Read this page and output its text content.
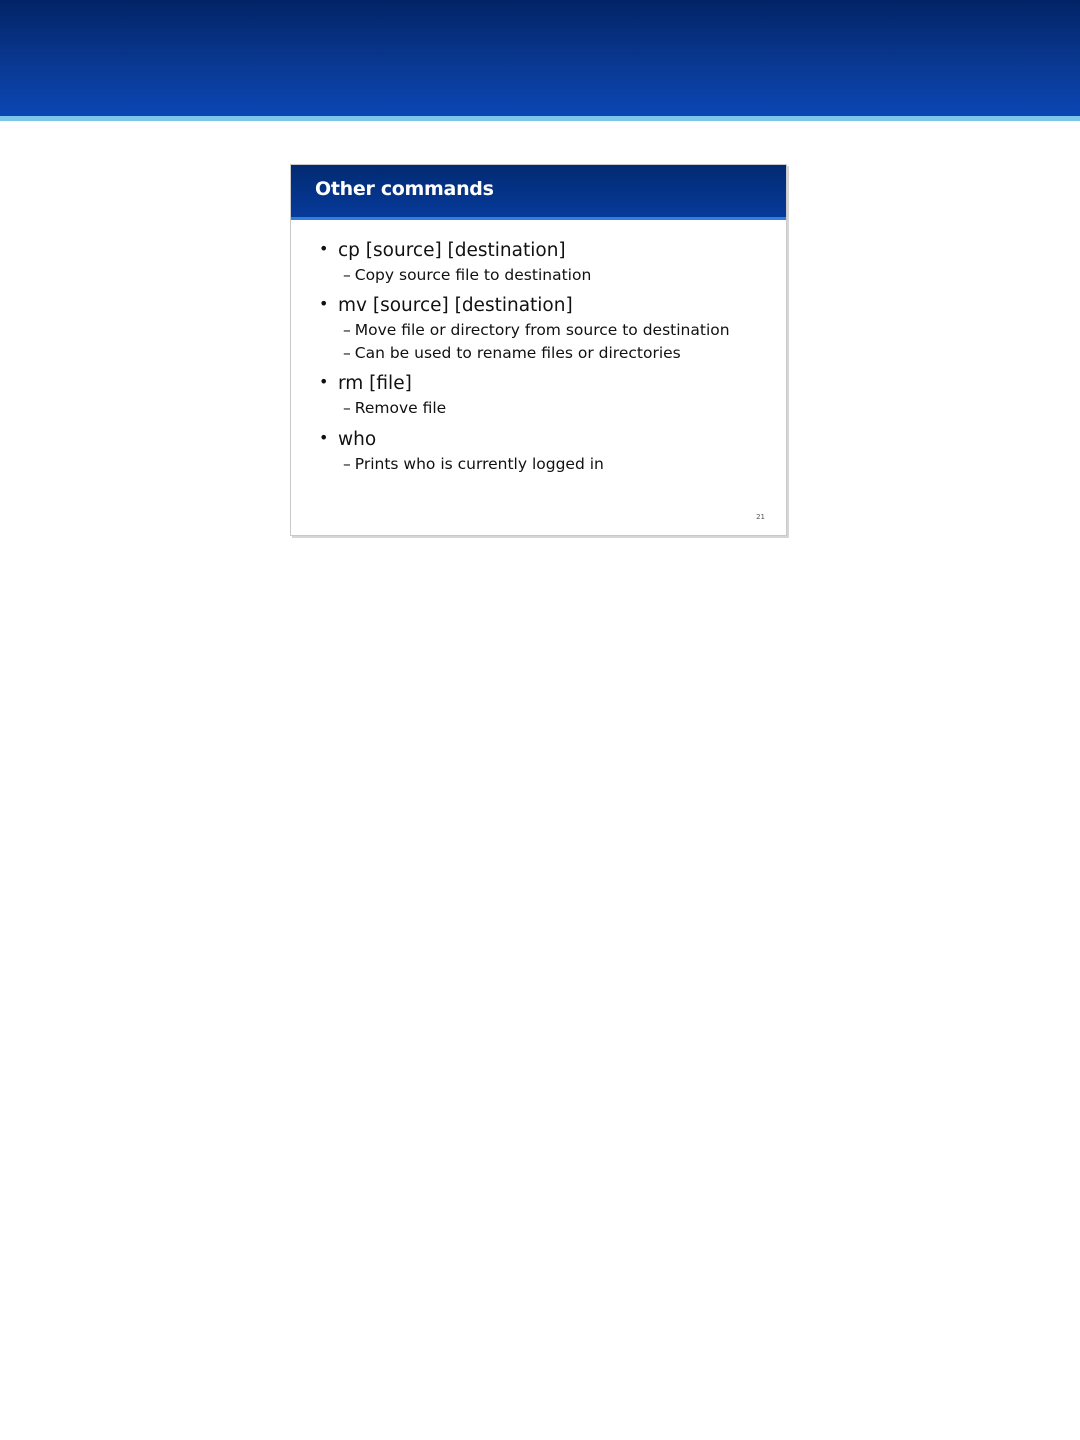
Other commands
• cp [source] [destination]
– Copy source file to destination
• mv [source] [destination]
– Move file or directory from source to destination
– Can be used to rename files or directories
• rm [file]
– Remove file
• who
– Prints who is currently logged in
21
